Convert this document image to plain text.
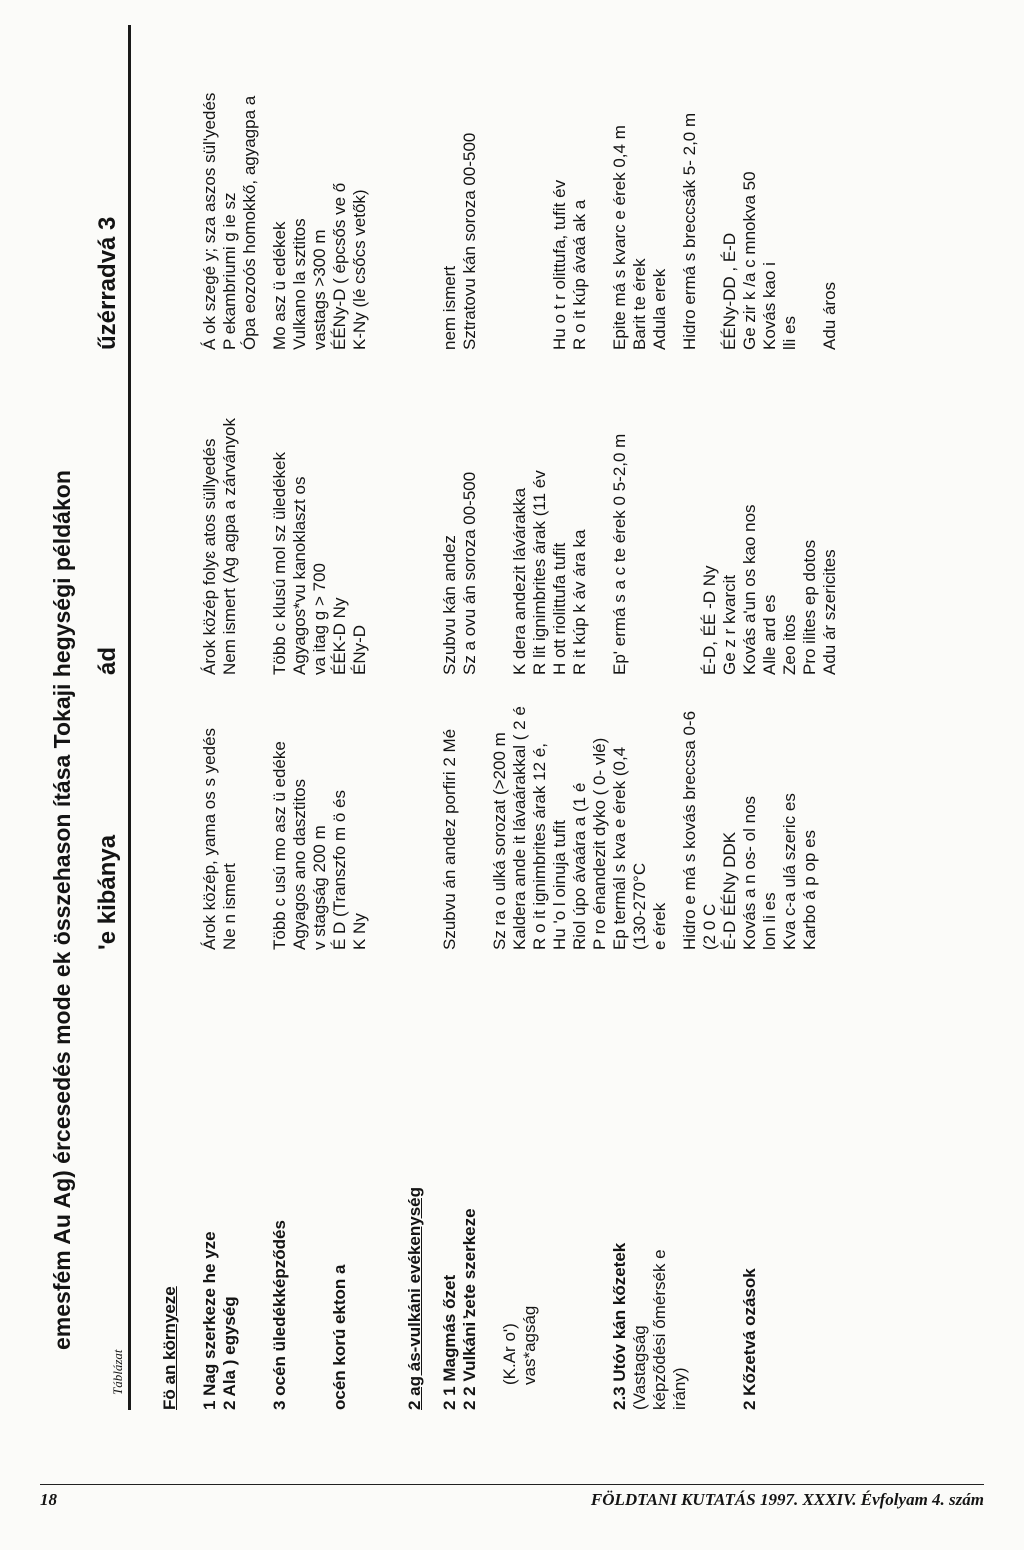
emesfém Au Ag) ércesedés mode ek összehason ítása Tokaji hegységi példákon
Táblázat
'e kibánya
ád
űzérradvá 3
Fö an környeze 1 Nag szerkeze he yze
Árok közép, yama os s yedés
Árok közép folyɛ atos süllyedés
Á ok szegé y; sza aszos sül'yedés
2 Ala ) egység
Ne n ismert
Nem ismert (Ag agpa a zárványok
P ekambriumi g ie sz Ópa eozoós homokkő, agyagpa a
3 océn üledékképződés
Több c usú mo asz ü edéke Agyagos ano dasztitos v stagság 200 m É D (Transzfo m ö és K Ny
Több c klusú mol sz üledékek Agyagos*vu kanoklaszt os va itag g > 700 ÉÉK-D Ny ÉNy-D
Mo asz ü edékek Vulkano la sztitos vastags >300 m ÉÉNy-D ( épcsős ve ő K-Ny (lé csőcs vetők)
océn korú ekton a	2 ag ás-vulkáni evékenység 2 1 Magmás őzet
Szubvu án andez porfiri 2 Mé
Szubvu kán andez
nem ismert
2 2 Vulkáni ̓zete szerkeze
Sz a ovu án soroza 00-500
Sztratovu kán soroza 00-500
(K.Ar o') vas*agság
Sz ra o ulká sorozat (>200 m Kaldera ande it lávaárakkal ( 2 é R o it ignimbrites árak 12 é, Hu 'o l oinuja tufit Riol úpo ávaára a (1 é P ro énandezit dyko ( 0- vlé)
K dera andezit lávárakka R lit ignimbrites árak (11 év H ott riolittufa tufit R it kúp k áv ára ka
Hu o t r olittufa, tufit év R o it kúp ávaá ak a
2.3 Utóv kán kőzetek (Vastagság képződési őmérsék e irány)
Ep termál s kva e érek (0,4 (130-270°C e érek
Ep' ermá s a c te érek 0 5-2,0 m
Epite má s kvarc e érek 0,4 m Barit te érek Adula erek
Hidro e má s kovás breccsa 0-6 (2 0 C É-D ÉÉNy DDK
É-D, ÉÉ -D Ny Ge z r kvarcit Kovás a'un os kao nos Alle ard es Zeo itos Pro ilites ep dotos Adu ár szericites
Hidro ermá s breccsák 5- 2,0 m ÉÉNy-DD , É-D Ge zir k /a c mnokva 50 Kovás kao i lli es Adu áros
2 Kőzetvá ozások
Kovás a n os- ol nos lon li es Kva c-a ulá szeric es Karbo á p op es
18	FÖLDTANI KUTATÁS 1997. XXXIV. Évfolyam 4. szám
